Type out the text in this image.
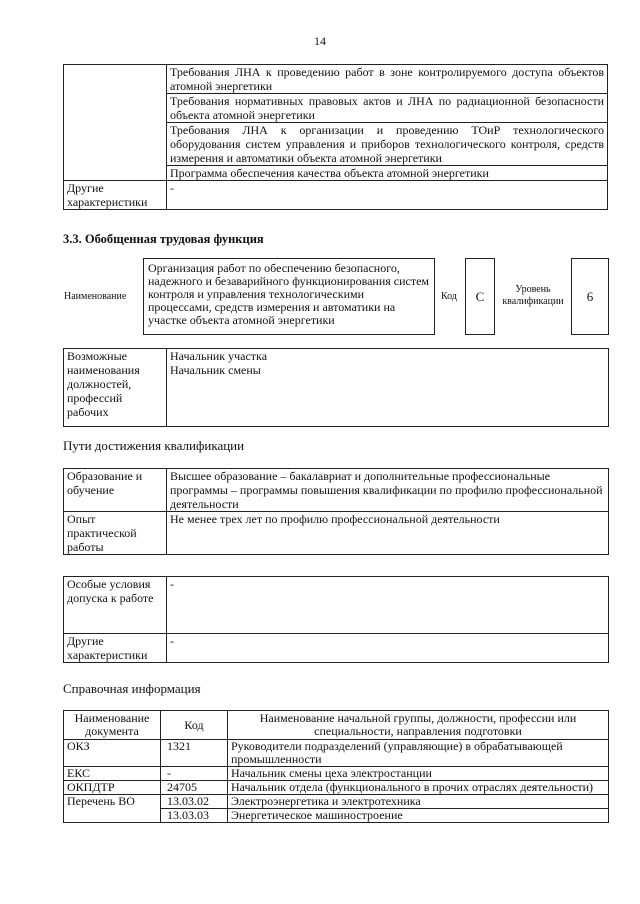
14
	Требования ЛНА к проведению работ в зоне контролируемого доступа объектов атомной энергетики
	Требования нормативных правовых актов и ЛНА по радиационной безопасности объекта атомной энергетики
	Требования ЛНА к организации и проведению ТОиР технологического оборудования систем управления и приборов технологического контроля, средств измерения и автоматики объекта атомной энергетики
	Программа обеспечения качества объекта атомной энергетики
Другие характеристики	-
3.3. Обобщенная трудовая функция
Наименование
Организация работ по обеспечению безопасного, надежного и безаварийного функционирования систем контроля и управления технологическими процессами, средств измерения и автоматики на участке объекта атомной энергетики
Код	C	Уровень квалификации	6
Возможные наименования должностей, профессий рабочих	
Начальник участка
Начальник смены
Пути достижения квалификации
Образование и обучение	Высшее образование – бакалавриат и дополнительные профессиональные программы – программы повышения квалификации по профилю профессиональной деятельности
Опыт практической работы	Не менее трех лет по профилю профессиональной деятельности
Особые условия допуска к работе	-
Другие характеристики	-
Справочная информация
Наименование документа	Код	Наименование начальной группы, должности, профессии или специальности, направления подготовки
ОКЗ	1321	Руководители подразделений (управляющие) в обрабатывающей промышленности
ЕКС	-	Начальник смены цеха электростанции
ОКПДТР	24705	Начальник отдела (функционального в прочих отраслях деятельности)
Перечень ВО	13.03.02	Электроэнергетика и электротехника
	13.03.03	Энергетическое машиностроение
